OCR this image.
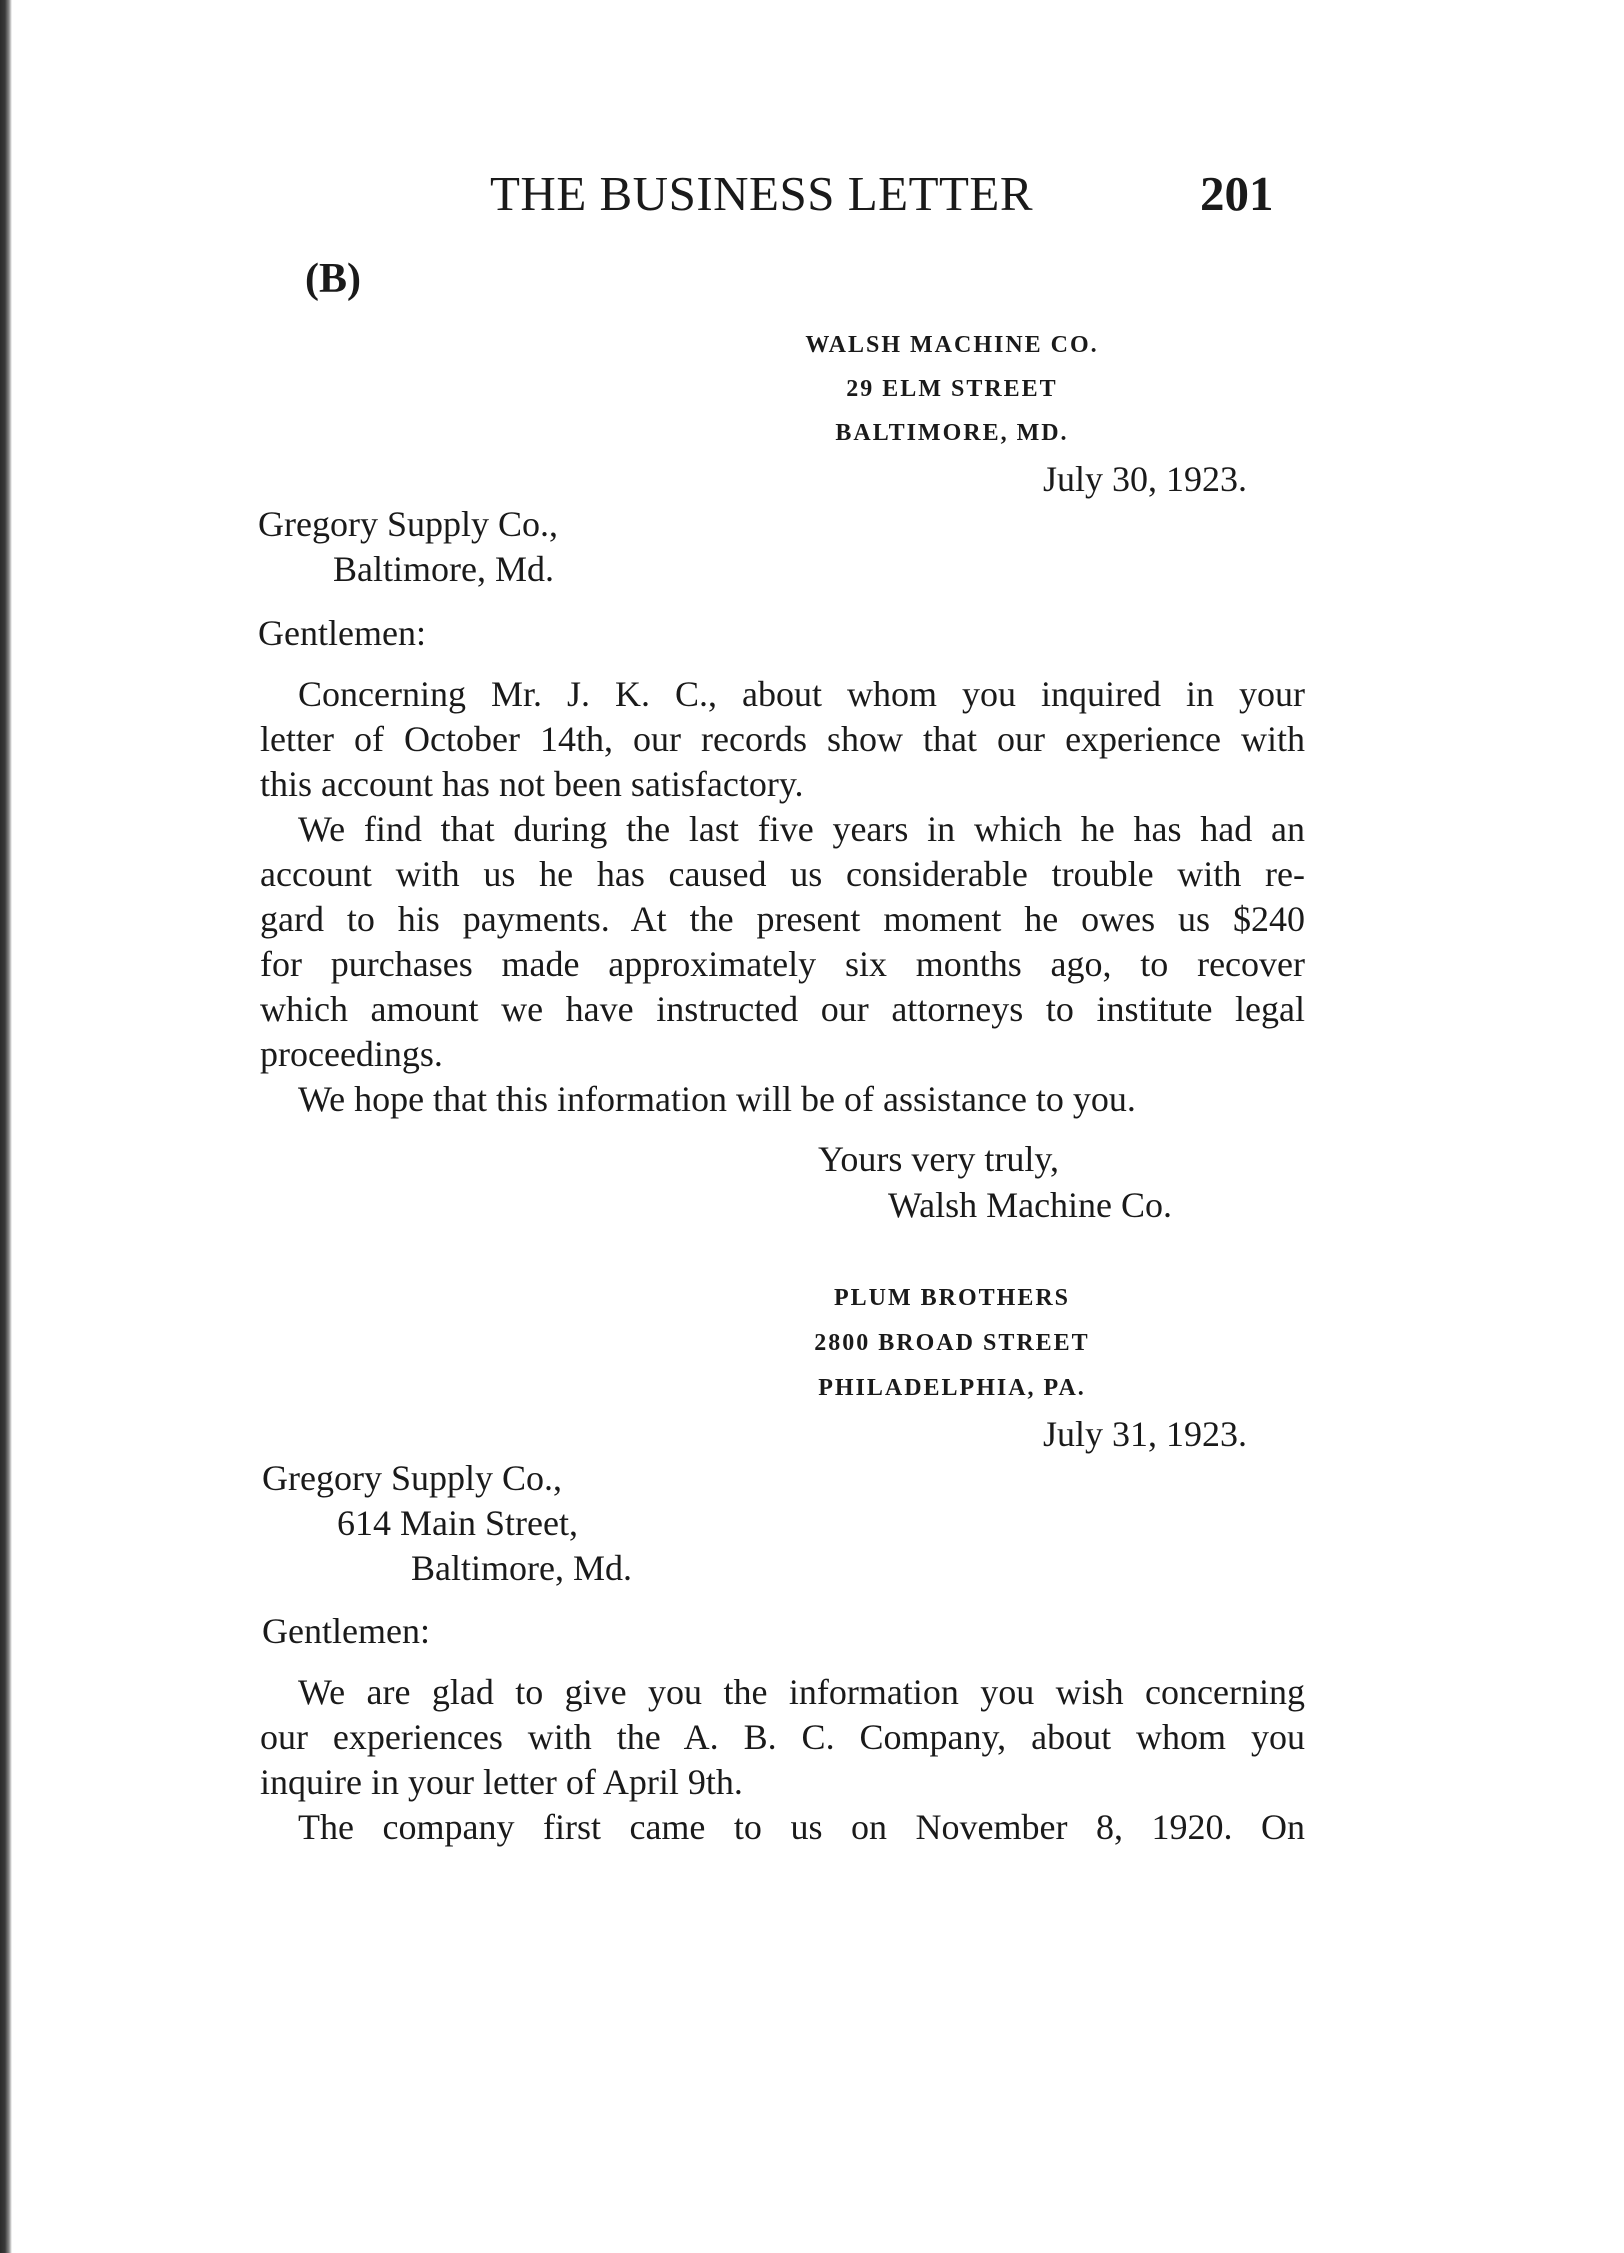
THE BUSINESS LETTER	201
(B)
WALSH MACHINE CO.
29 ELM STREET
BALTIMORE, MD.
July 30, 1923.
Gregory Supply Co.,
Baltimore, Md.
Gentlemen:
Concerning Mr. J. K. C., about whom you inquired in your
letter of October 14th, our records show that our experience with
this account has not been satisfactory.
We find that during the last five years in which he has had an
account with us he has caused us considerable trouble with re-
gard to his payments. At the present moment he owes us $240
for purchases made approximately six months ago, to recover
which amount we have instructed our attorneys to institute legal
proceedings.
We hope that this information will be of assistance to you.
Yours very truly,
Walsh Machine Co.
PLUM BROTHERS
2800 BROAD STREET
PHILADELPHIA, PA.
July 31, 1923.
Gregory Supply Co.,
614 Main Street,
Baltimore, Md.
Gentlemen:
We are glad to give you the information you wish concerning
our experiences with the A. B. C. Company, about whom you
inquire in your letter of April 9th.
The company first came to us on November 8, 1920. On
